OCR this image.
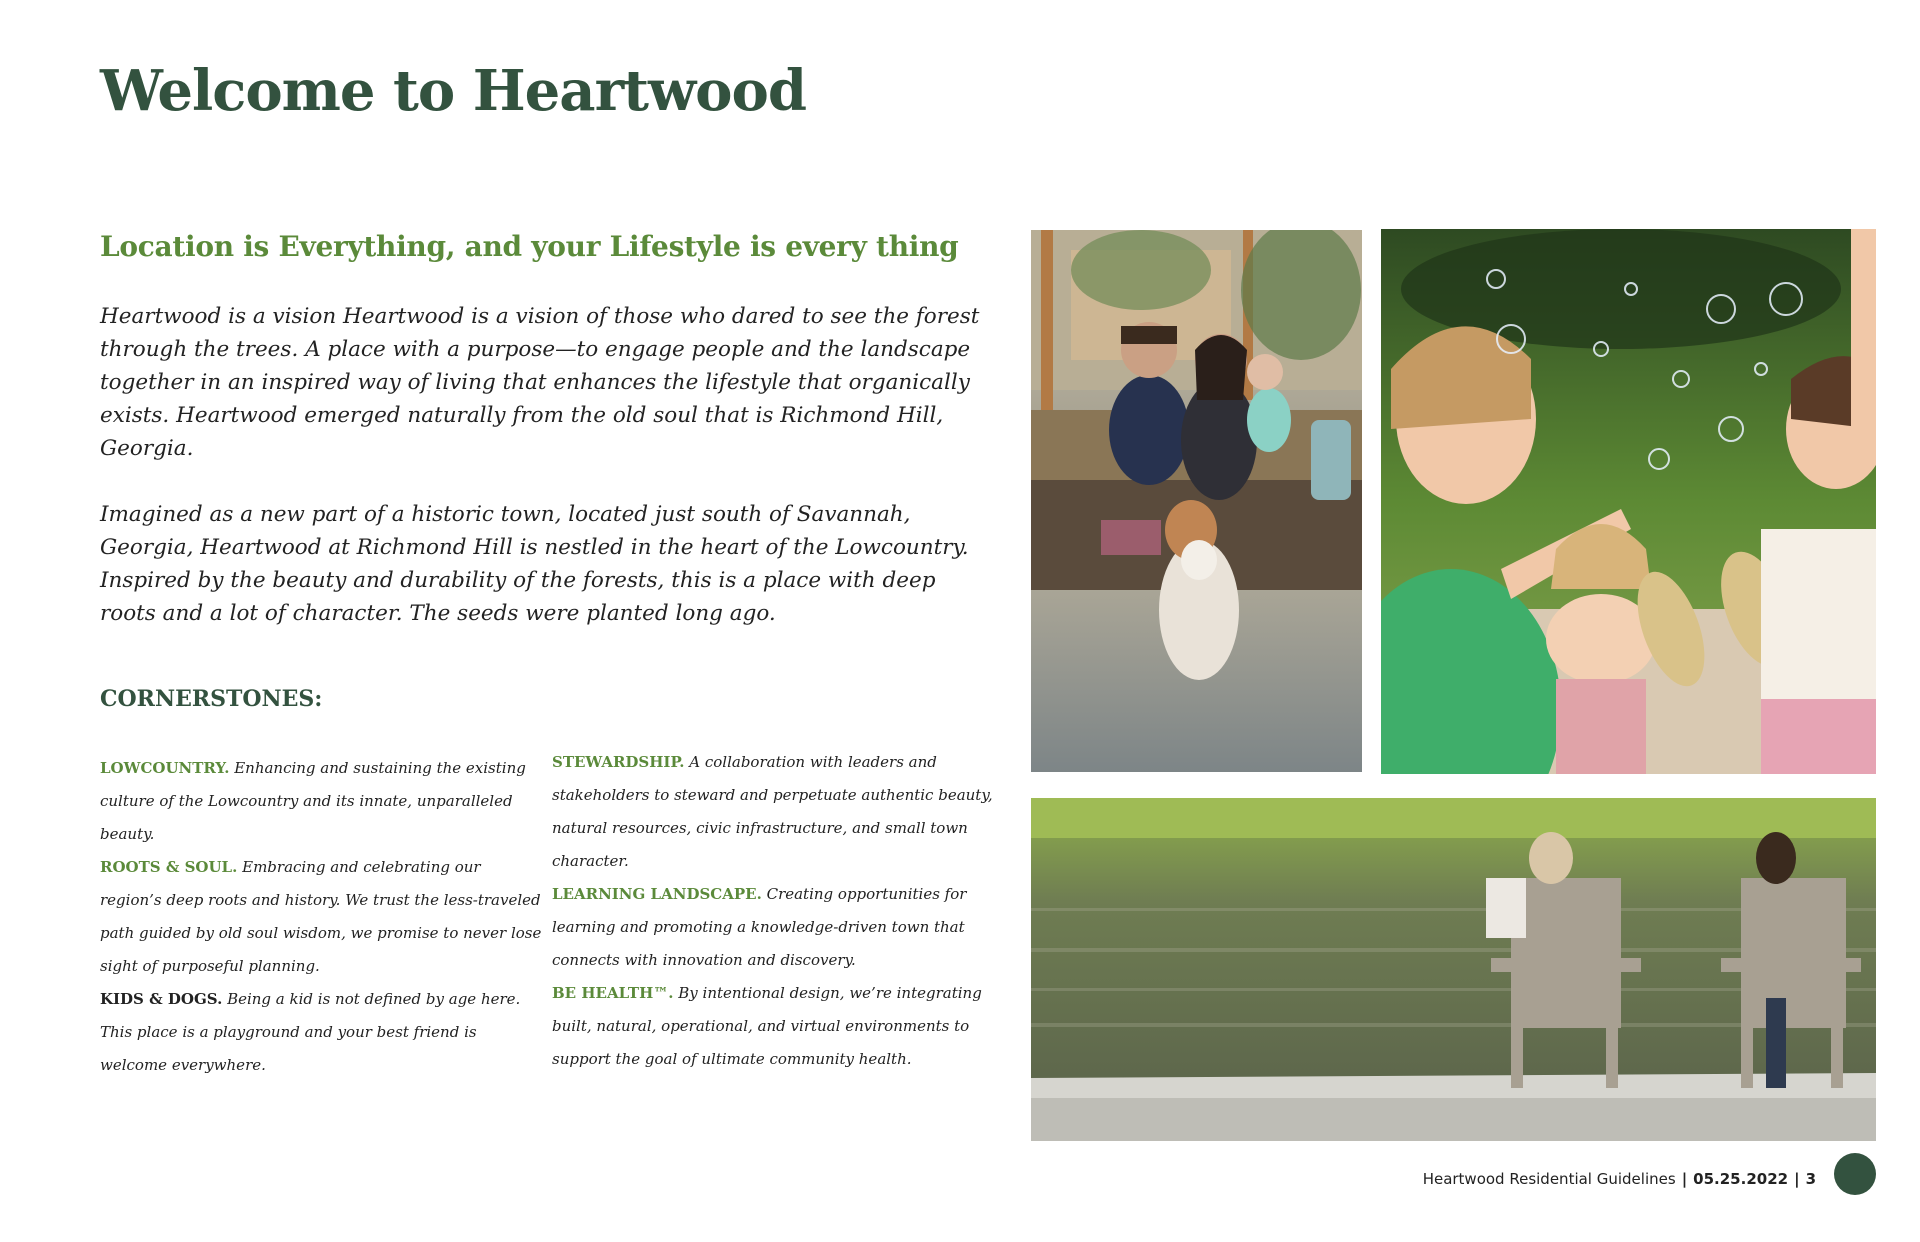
Welcome to Heartwood
Location is Everything, and your Lifestyle is every thing

Heartwood is a vision Heartwood is a vision of those who dared to see the forest through the trees. A place with a purpose—to engage people and the landscape together in an inspired way of living that enhances the lifestyle that organically exists. Heartwood emerged naturally from the old soul that is Richmond Hill, Georgia.

Imagined as a new part of a historic town, located just south of Savannah, Georgia, Heartwood at Richmond Hill is nestled in the heart of the Lowcountry. Inspired by the beauty and durability of the forests, this is a place with deep roots and a lot of character. The seeds were planted long ago.

CORNERSTONES:

LOWCOUNTRY. Enhancing and sustaining the existing culture of the Lowcountry and its innate, unparalleled beauty.

ROOTS & SOUL. Embracing and celebrating our region’s deep roots and history. We trust the less-traveled path guided by old soul wisdom, we promise to never lose sight of purposeful planning.

KIDS & DOGS. Being a kid is not defined by age here. This place is a playground and your best friend is welcome everywhere.

STEWARDSHIP. A collaboration with leaders and stakeholders to steward and perpetuate authentic beauty, natural resources, civic infrastructure, and small town character.

LEARNING LANDSCAPE. Creating opportunities for learning and promoting a knowledge-driven town that connects with innovation and discovery.

BE HEALTH™. By intentional design, we’re integrating built, natural, operational, and virtual environments to support the goal of ultimate community health.

Heartwood Residential Guidelines | 05.25.2022 | 3
